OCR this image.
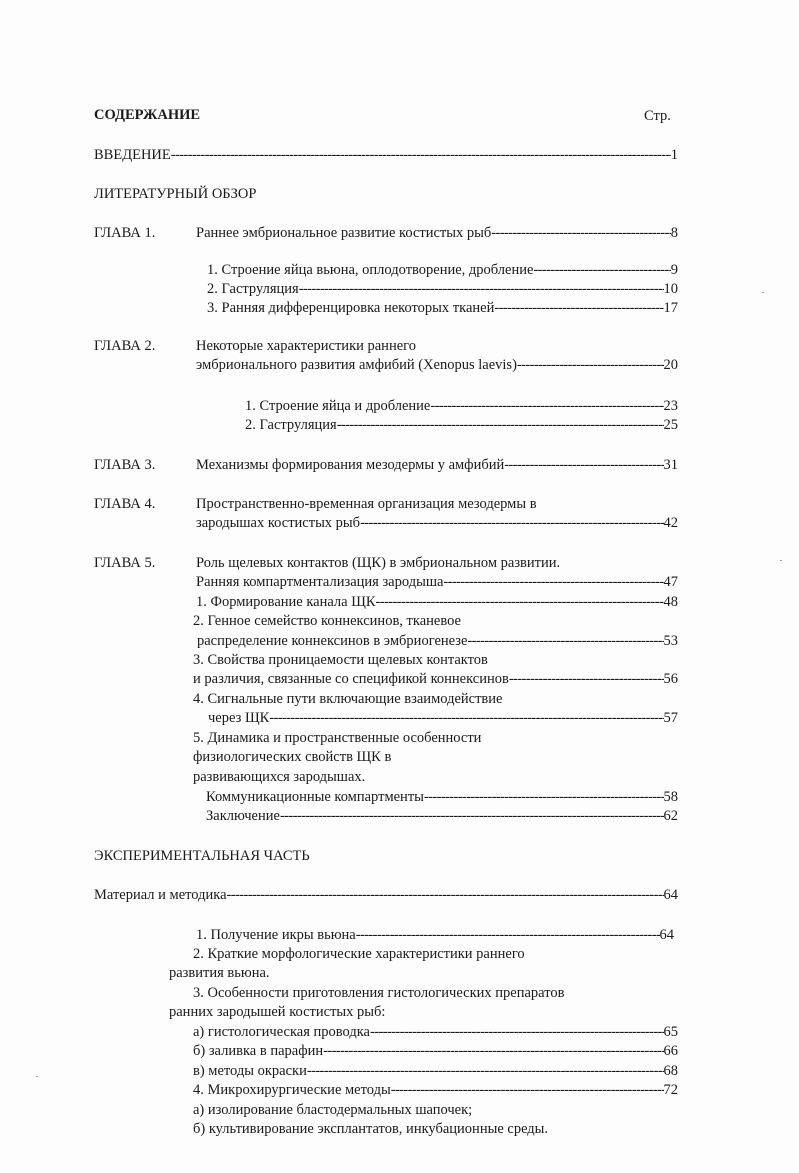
СОДЕРЖАНИЕ	Стр.
ВВЕДЕНИЕ -----	1
ЛИТЕРАТУРНЫЙ ОБЗОР
ГЛАВА 1.	Раннее эмбриональное развитие костистых рыб -----	8
1. Строение яйца вьюна, оплодотворение, дробление -----	9
2. Гаструляция -----	10
3. Ранняя дифференцировка некоторых тканей -----	17
ГЛАВА 2.	Некоторые характеристики раннего
эмбрионального развития амфибий (Xenopus laevis) -----	20
1. Строение яйца и дробление -----	23
2. Гаструляция -----	25
ГЛАВА 3.	Механизмы формирования мезодермы у амфибий -----	31
ГЛАВА 4.	Пространственно-временная организация мезодермы в
зародышах костистых рыб -----	42
ГЛАВА 5.	Роль щелевых контактов (ЩК) в эмбриональном развитии.
Ранняя компартментализация зародыша -----	47
1. Формирование канала ЩК -----	48
2. Генное семейство коннексинов, тканевое
распределение коннексинов в эмбриогенезе -----	53
3. Свойства проницаемости щелевых контактов
и различия, связанные со спецификой коннексинов -----	56
4. Сигнальные пути включающие взаимодействие
через ЩК -----	57
5. Динамика и пространственные особенности
физиологических свойств ЩК в
развивающихся зародышах.
Коммуникационные компартменты -----	58
Заключение -----	62
ЭКСПЕРИМЕНТАЛЬНАЯ ЧАСТЬ
Материал и методика -----	64
1. Получение икры вьюна -----	64
2. Краткие морфологические характеристики раннего
развития вьюна.
3. Особенности приготовления гистологических препаратов
ранних зародышей костистых рыб:
а) гистологическая проводка -----	65
б) заливка в парафин -----	66
в) методы окраски -----	68
4. Микрохирургические методы -----	72
а) изолирование бластодермальных шапочек;
б) культивирование эксплантатов, инкубационные среды.
